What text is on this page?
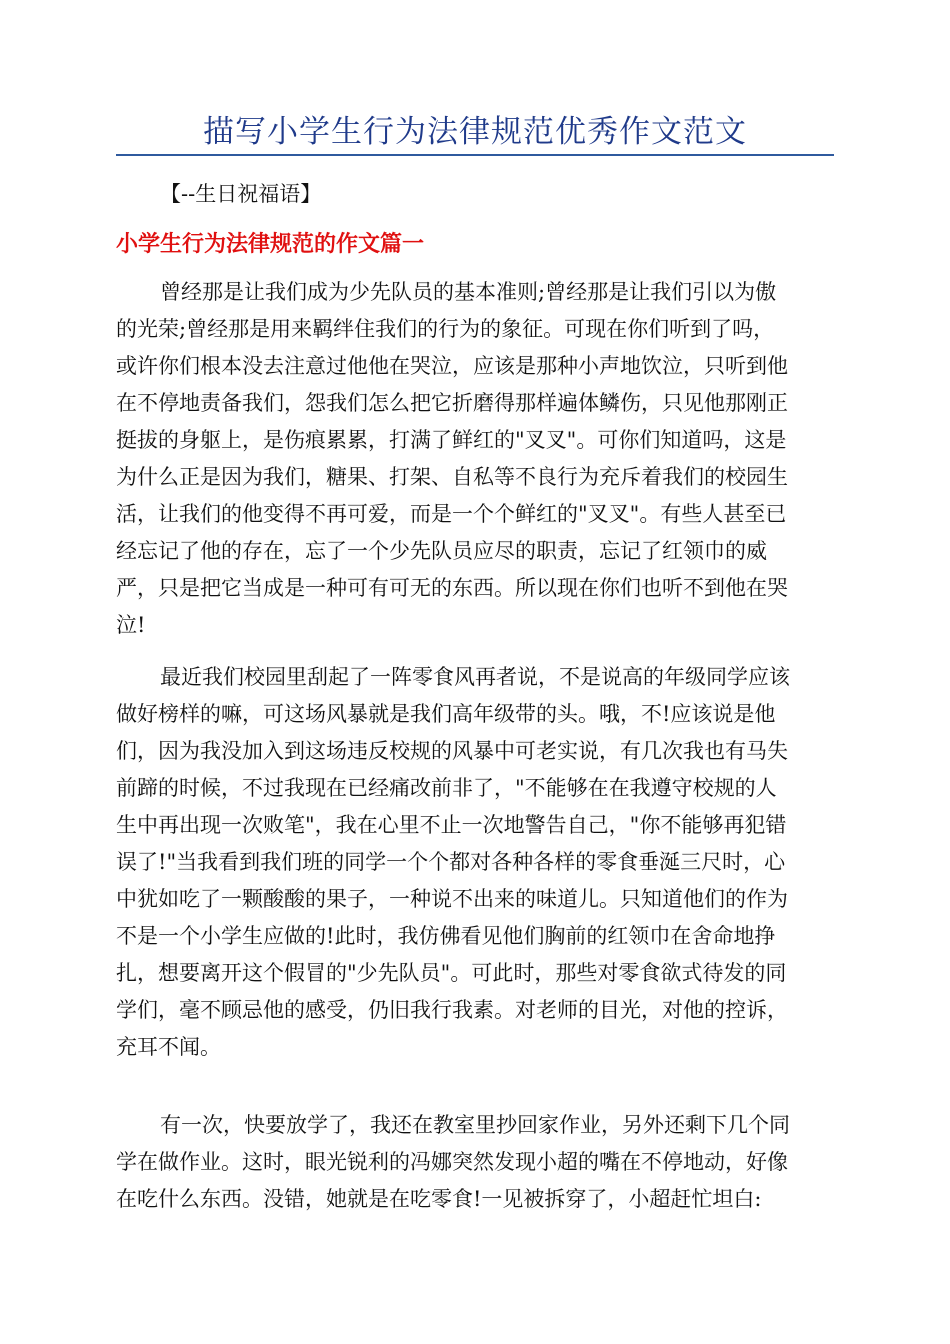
描写小学生行为法律规范优秀作文范文
【--生日祝福语】
小学生行为法律规范的作文篇一
曾经那是让我们成为少先队员的基本准则;曾经那是让我们引以为傲
的光荣;曾经那是用来羁绊住我们的行为的象征。可现在你们听到了吗，
或许你们根本没去注意过他他在哭泣，应该是那种小声地饮泣，只听到他
在不停地责备我们，怨我们怎么把它折磨得那样遍体鳞伤，只见他那刚正
挺拔的身躯上，是伤痕累累，打满了鲜红的"叉叉"。可你们知道吗，这是
为什么正是因为我们，糖果、打架、自私等不良行为充斥着我们的校园生
活，让我们的他变得不再可爱，而是一个个鲜红的"叉叉"。有些人甚至已
经忘记了他的存在，忘了一个少先队员应尽的职责，忘记了红领巾的威
严，只是把它当成是一种可有可无的东西。所以现在你们也听不到他在哭
泣!
最近我们校园里刮起了一阵零食风再者说，不是说高的年级同学应该
做好榜样的嘛，可这场风暴就是我们高年级带的头。哦，不!应该说是他
们，因为我没加入到这场违反校规的风暴中可老实说，有几次我也有马失
前蹄的时候，不过我现在已经痛改前非了，"不能够在在我遵守校规的人
生中再出现一次败笔"，我在心里不止一次地警告自己，"你不能够再犯错
误了!"当我看到我们班的同学一个个都对各种各样的零食垂涎三尺时，心
中犹如吃了一颗酸酸的果子，一种说不出来的味道儿。只知道他们的作为
不是一个小学生应做的!此时，我仿佛看见他们胸前的红领巾在舍命地挣
扎，想要离开这个假冒的"少先队员"。可此时，那些对零食欲式待发的同
学们，毫不顾忌他的感受，仍旧我行我素。对老师的目光，对他的控诉，
充耳不闻。
有一次，快要放学了，我还在教室里抄回家作业，另外还剩下几个同
学在做作业。这时，眼光锐利的冯娜突然发现小超的嘴在不停地动，好像
在吃什么东西。没错，她就是在吃零食!一见被拆穿了，小超赶忙坦白:
